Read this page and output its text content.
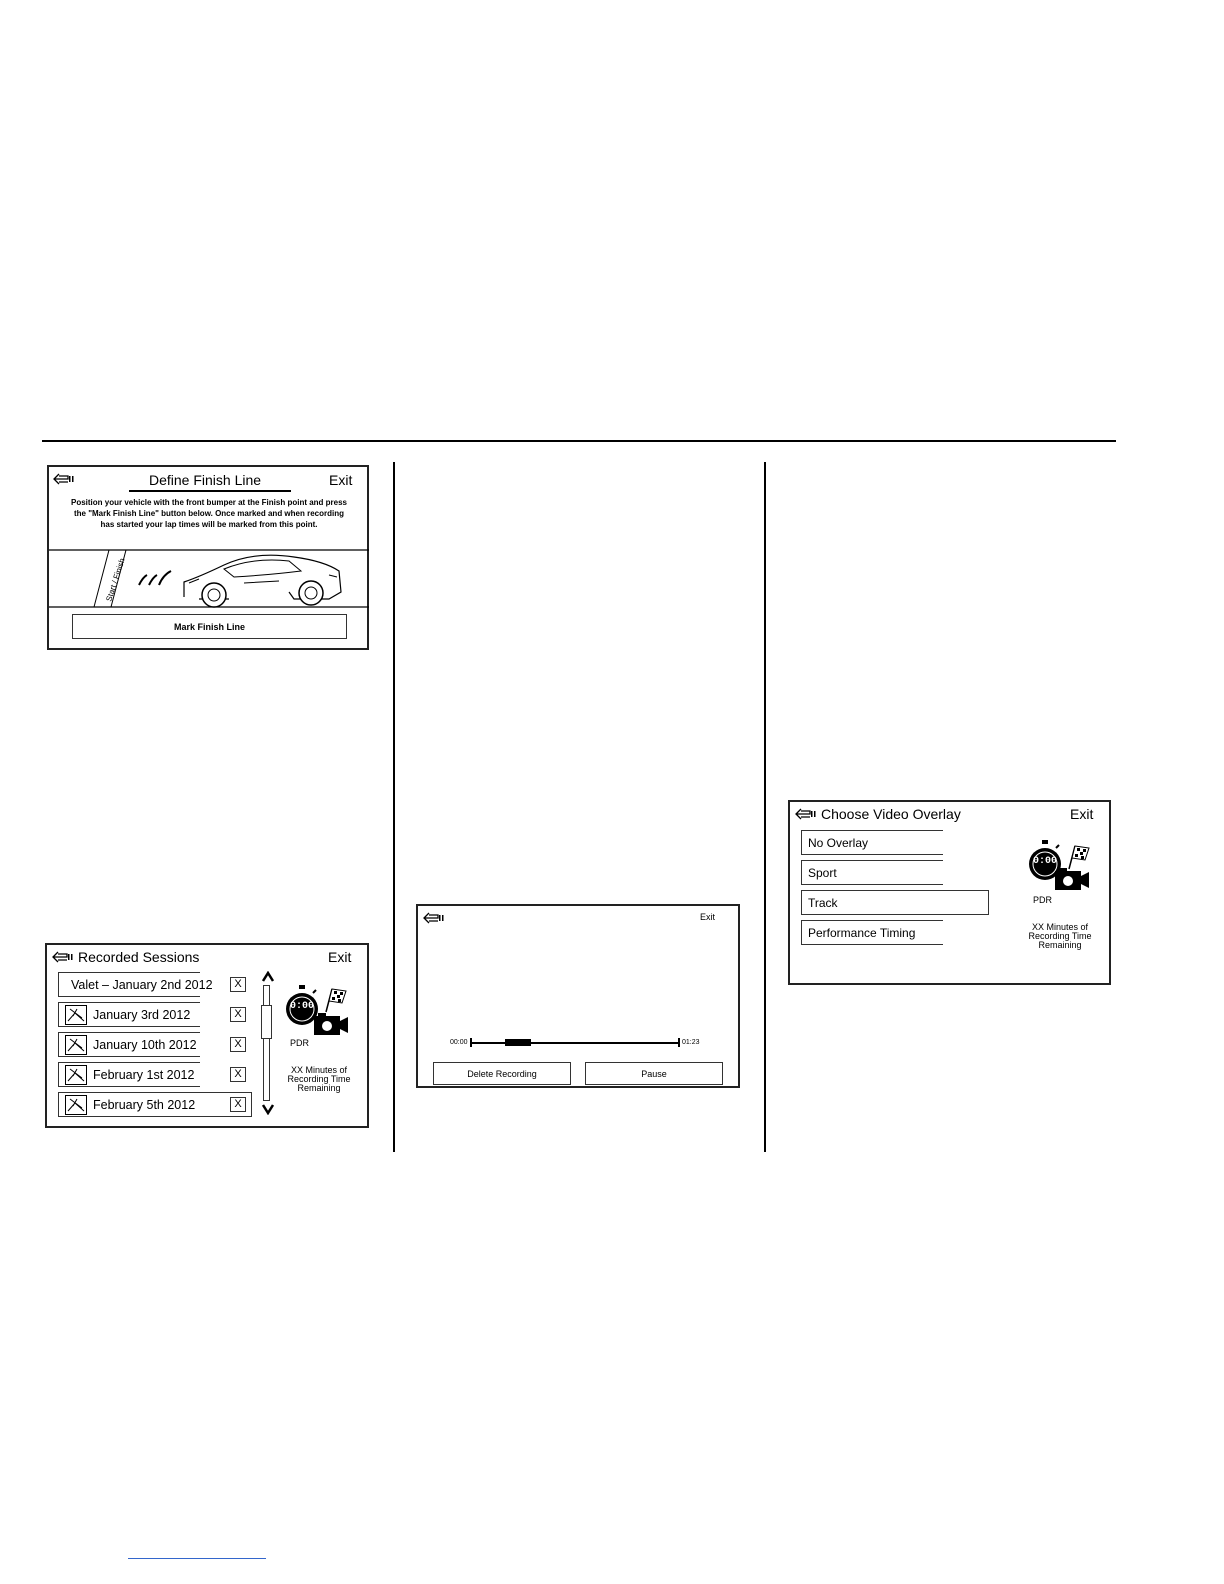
Define Finish Line	Exit
Position your vehicle with the front bumper at the Finish point and press
the "Mark Finish Line" button below. Once marked and when recording
has started your lap times will be marked from this point.
Start / Finish
Mark Finish Line
Recorded Sessions	Exit
Valet – January 2nd 2012	X
January 3rd 2012	X
January 10th 2012	X
February 1st 2012	X
February 5th 2012	X
0:00
PDR
XX Minutes of
Recording Time
Remaining
Exit
00:00	01:23
Delete Recording	Pause
Choose Video Overlay	Exit
No Overlay
Sport
Track
Performance Timing
0:00
PDR
XX Minutes of
Recording Time
Remaining
